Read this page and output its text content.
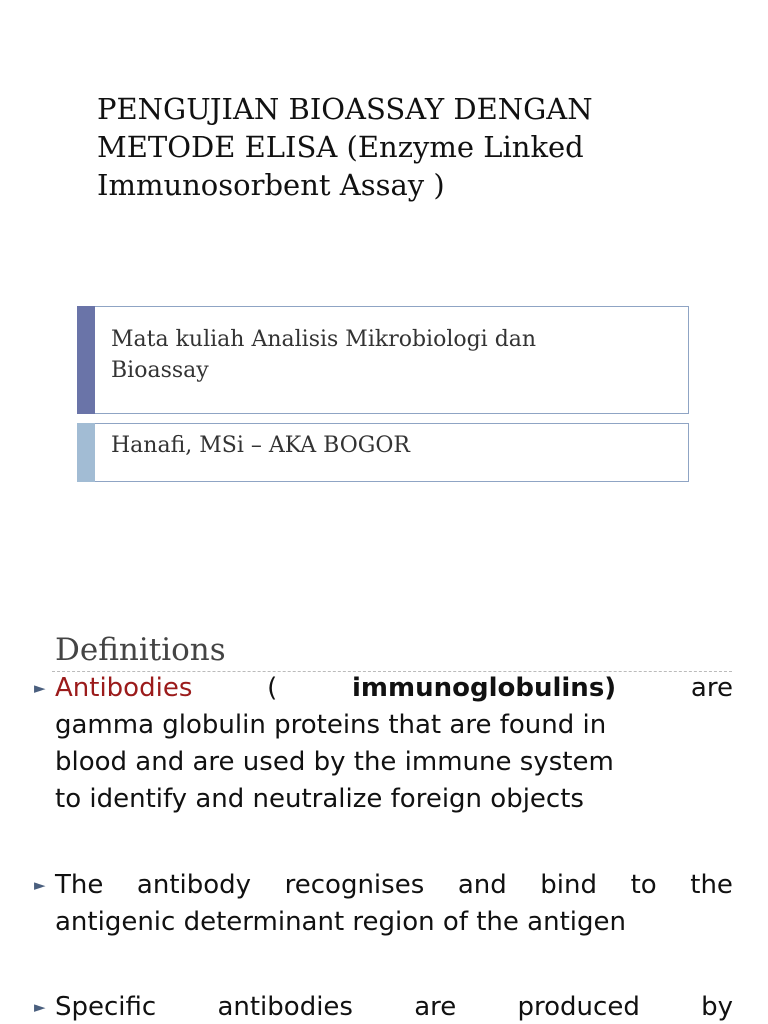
PENGUJIAN BIOASSAY DENGAN
METODE ELISA (Enzyme Linked
Immunosorbent Assay )
Mata kuliah Analisis Mikrobiologi dan
Bioassay
Hanafi, MSi – AKA BOGOR
Definitions
► Antibodies	(	immunoglobulins)	are
gamma globulin proteins that are found in
blood and are used by the immune system
to identify and neutralize foreign objects
► The antibody recognises and bind to the
antigenic determinant region of the antigen
► Specific antibodies are produced by
